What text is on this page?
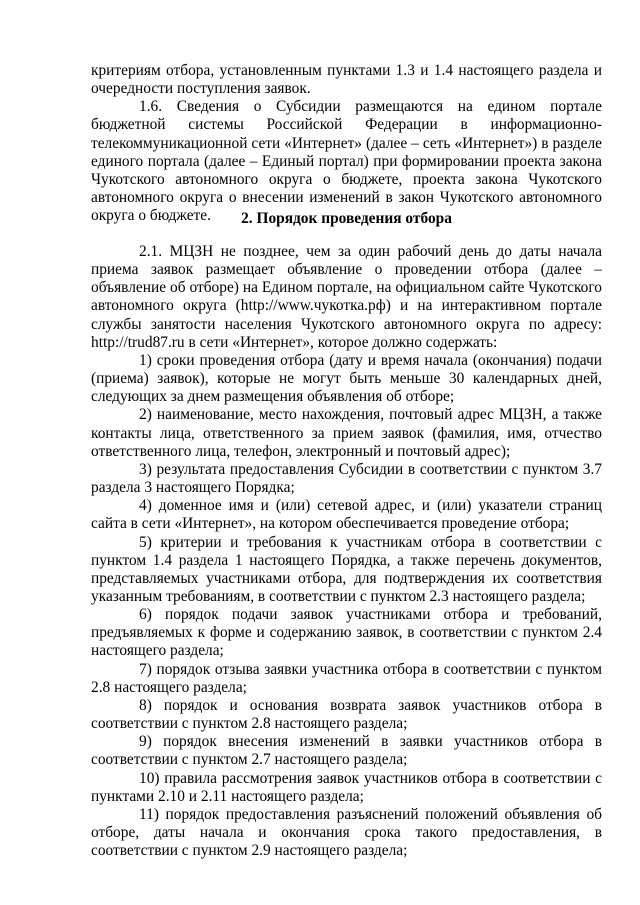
критериям отбора, установленным пунктами 1.3 и 1.4 настоящего раздела и очередности поступления заявок.

1.6. Сведения о Субсидии размещаются на едином портале бюджетной системы Российской Федерации в информационно-телекоммуникационной сети «Интернет» (далее – сеть «Интернет») в разделе единого портала (далее – Единый портал) при формировании проекта закона Чукотского автономного округа о бюджете, проекта закона Чукотского автономного округа о внесении изменений в закон Чукотского автономного округа о бюджете.	2. Порядок проведения отбора

2.1. МЦЗН не позднее, чем за один рабочий день до даты начала приема заявок размещает объявление о проведении отбора (далее – объявление об отборе) на Едином портале, на официальном сайте Чукотского автономного округа (http://www.чукотка.рф) и на интерактивном портале службы занятости населения Чукотского автономного округа по адресу: http://trud87.ru в сети «Интернет», которое должно содержать:

1) сроки проведения отбора (дату и время начала (окончания) подачи (приема) заявок), которые не могут быть меньше 30 календарных дней, следующих за днем размещения объявления об отборе;

2) наименование, место нахождения, почтовый адрес МЦЗН, а также контакты лица, ответственного за прием заявок (фамилия, имя, отчество ответственного лица, телефон, электронный и почтовый адрес);

3) результата предоставления Субсидии в соответствии с пунктом 3.7 раздела 3 настоящего Порядка;

4) доменное имя и (или) сетевой адрес, и (или) указатели страниц сайта в сети «Интернет», на котором обеспечивается проведение отбора;

5) критерии и требования к участникам отбора в соответствии с пунктом 1.4 раздела 1 настоящего Порядка, а также перечень документов, представляемых участниками отбора, для подтверждения их соответствия указанным требованиям, в соответствии с пунктом 2.3 настоящего раздела;

6) порядок подачи заявок участниками отбора и требований, предъявляемых к форме и содержанию заявок, в соответствии с пунктом 2.4 настоящего раздела;

7) порядок отзыва заявки участника отбора в соответствии с пунктом 2.8 настоящего раздела;

8) порядок и основания возврата заявок участников отбора в соответствии с пунктом 2.8 настоящего раздела;

9) порядок внесения изменений в заявки участников отбора в соответствии с пунктом 2.7 настоящего раздела;

10) правила рассмотрения заявок участников отбора в соответствии с пунктами 2.10 и 2.11 настоящего раздела;

11) порядок предоставления разъяснений положений объявления об отборе, даты начала и окончания срока такого предоставления, в соответствии с пунктом 2.9 настоящего раздела;
